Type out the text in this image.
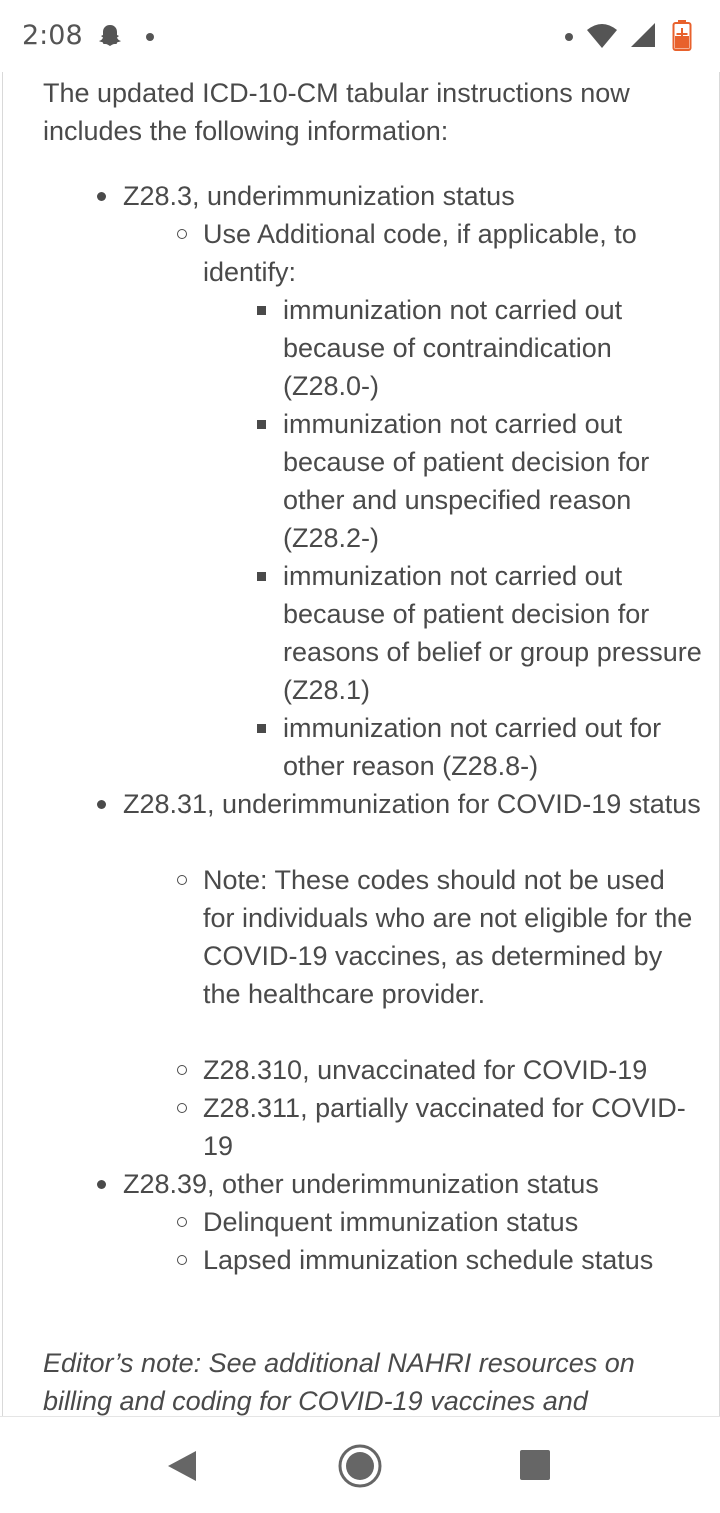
2:08
The updated ICD-10-CM tabular instructions now includes the following information:
Z28.3, underimmunization status
Use Additional code, if applicable, to identify:
immunization not carried out because of contraindication (Z28.0-)
immunization not carried out because of patient decision for other and unspecified reason (Z28.2-)
immunization not carried out because of patient decision for reasons of belief or group pressure (Z28.1)
immunization not carried out for other reason (Z28.8-)
Z28.31, underimmunization for COVID-19 status
Note: These codes should not be used for individuals who are not eligible for the COVID-19 vaccines, as determined by the healthcare provider.
Z28.310, unvaccinated for COVID-19
Z28.311, partially vaccinated for COVID-19
Z28.39, other underimmunization status
Delinquent immunization status
Lapsed immunization schedule status
Editor’s note: See additional NAHRI resources on billing and coding for COVID-19 vaccines and
